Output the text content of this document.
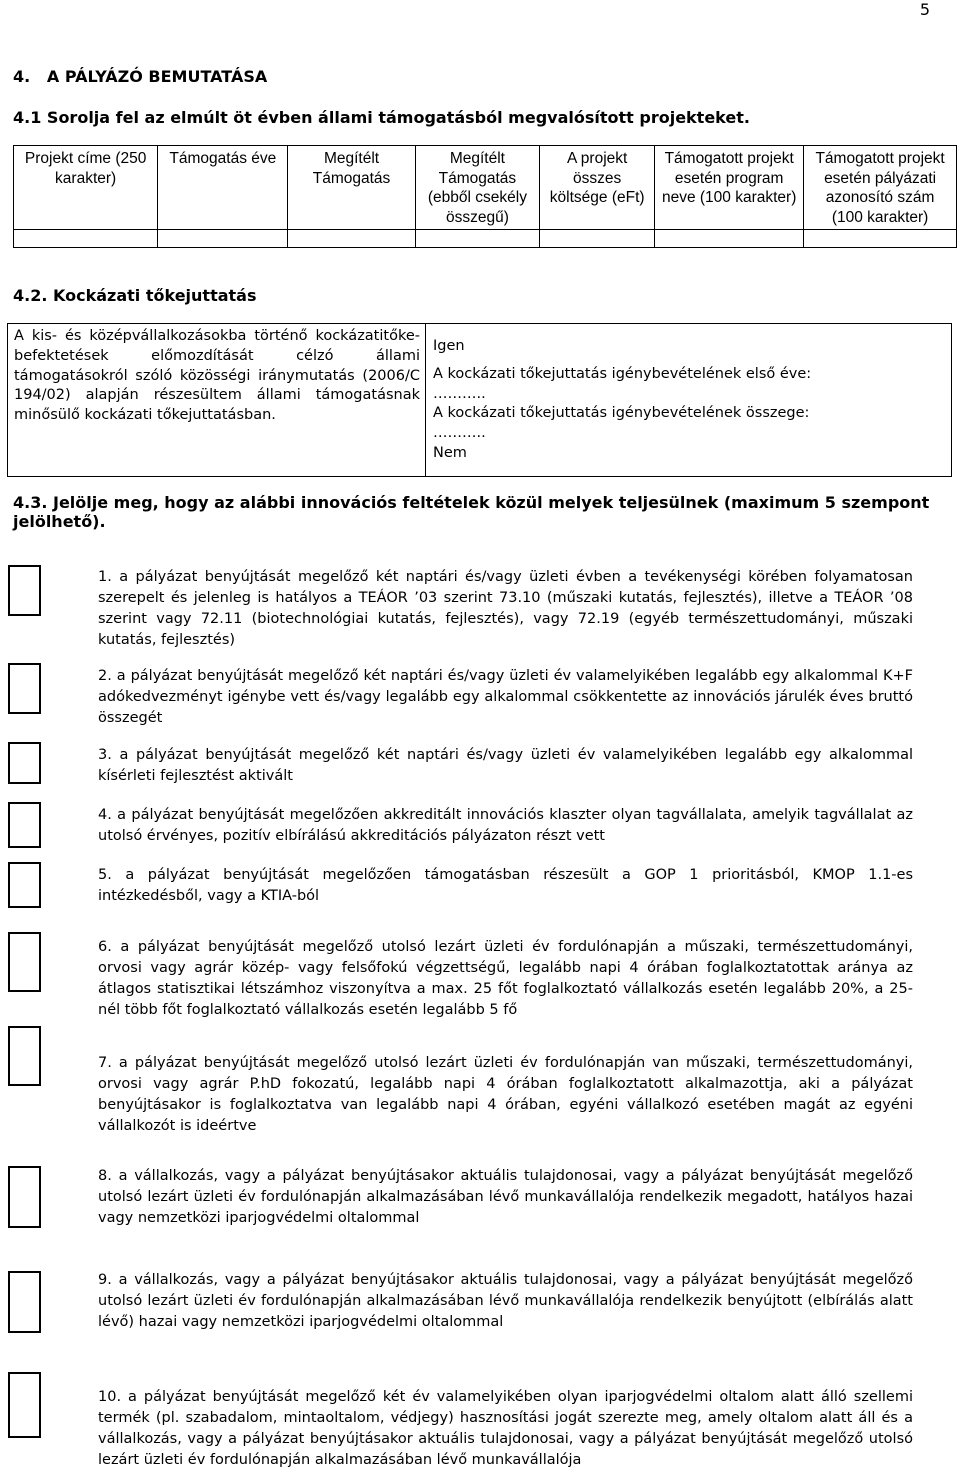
5
4.   A PÁLYÁZÓ BEMUTATÁSA
4.1 Sorolja fel az elmúlt öt évben állami támogatásból megvalósított projekteket.
Projekt címe (250 karakter)	Támogatás éve	Megítélt Támogatás	Megítélt Támogatás (ebből csekély összegű)	A projekt összes költsége (eFt)	Támogatott projekt esetén program neve (100 karakter)	Támogatott projekt esetén pályázati azonosító szám (100 karakter)

4.2. Kockázati tőkejuttatás
A kis- és középvállalkozásokba történő kockázatitőke-befektetések előmozdítását célzó állami támogatásokról szóló közösségi iránymutatás (2006/C 194/02) alapján részesültem állami támogatásnak minősülő kockázati tőkejuttatásban.
Igen
A kockázati tőkejuttatás igénybevételének első éve:
………..
A kockázati tőkejuttatás igénybevételének összege:
………..
Nem
4.3. Jelölje meg, hogy az alábbi innovációs feltételek közül melyek teljesülnek (maximum 5 szempont jelölhető).
1. a pályázat benyújtását megelőző két naptári és/vagy üzleti évben a tevékenységi körében folyamatosan szerepelt és jelenleg is hatályos a TEÁOR ’03 szerint 73.10 (műszaki kutatás, fejlesztés), illetve a TEÁOR ’08 szerint vagy 72.11 (biotechnológiai kutatás, fejlesztés), vagy 72.19 (egyéb természettudományi, műszaki kutatás, fejlesztés)
2. a pályázat benyújtását megelőző két naptári és/vagy üzleti év valamelyikében legalább egy alkalommal K+F adókedvezményt igénybe vett és/vagy legalább egy alkalommal csökkentette az innovációs járulék éves bruttó összegét
3. a pályázat benyújtását megelőző két naptári és/vagy üzleti év valamelyikében legalább egy alkalommal kísérleti fejlesztést aktivált
4. a pályázat benyújtását megelőzően akkreditált innovációs klaszter olyan tagvállalata, amelyik tagvállalat az utolsó érvényes, pozitív elbírálású akkreditációs pályázaton részt vett
5. a pályázat benyújtását megelőzően támogatásban részesült a GOP 1 prioritásból, KMOP 1.1-es intézkedésből, vagy a KTIA-ból
6. a pályázat benyújtását megelőző utolsó lezárt üzleti év fordulónapján a műszaki, természettudományi, orvosi vagy agrár közép- vagy felsőfokú végzettségű, legalább napi 4 órában foglalkoztatottak aránya az átlagos statisztikai létszámhoz viszonyítva a max. 25 főt foglalkoztató vállalkozás esetén legalább 20%, a 25-nél több főt foglalkoztató vállalkozás esetén legalább 5 fő
7. a pályázat benyújtását megelőző utolsó lezárt üzleti év fordulónapján van műszaki, természettudományi, orvosi vagy agrár P.hD fokozatú, legalább napi 4 órában foglalkoztatott alkalmazottja, aki a pályázat benyújtásakor is foglalkoztatva van legalább napi 4 órában, egyéni vállalkozó esetében magát az egyéni vállalkozót is ideértve
8. a vállalkozás, vagy a pályázat benyújtásakor aktuális tulajdonosai, vagy a pályázat benyújtását megelőző utolsó lezárt üzleti év fordulónapján alkalmazásában lévő munkavállalója rendelkezik megadott, hatályos hazai vagy nemzetközi iparjogvédelmi oltalommal
9. a vállalkozás, vagy a pályázat benyújtásakor aktuális tulajdonosai, vagy a pályázat benyújtását megelőző utolsó lezárt üzleti év fordulónapján alkalmazásában lévő munkavállalója rendelkezik benyújtott (elbírálás alatt lévő) hazai vagy nemzetközi iparjogvédelmi oltalommal
10. a pályázat benyújtását megelőző két év valamelyikében olyan iparjogvédelmi oltalom alatt álló szellemi termék (pl. szabadalom, mintaoltalom, védjegy) hasznosítási jogát szerezte meg, amely oltalom alatt áll és a vállalkozás, vagy a pályázat benyújtásakor aktuális tulajdonosai, vagy a pályázat benyújtását megelőző utolsó lezárt üzleti év fordulónapján alkalmazásában lévő munkavállalója
